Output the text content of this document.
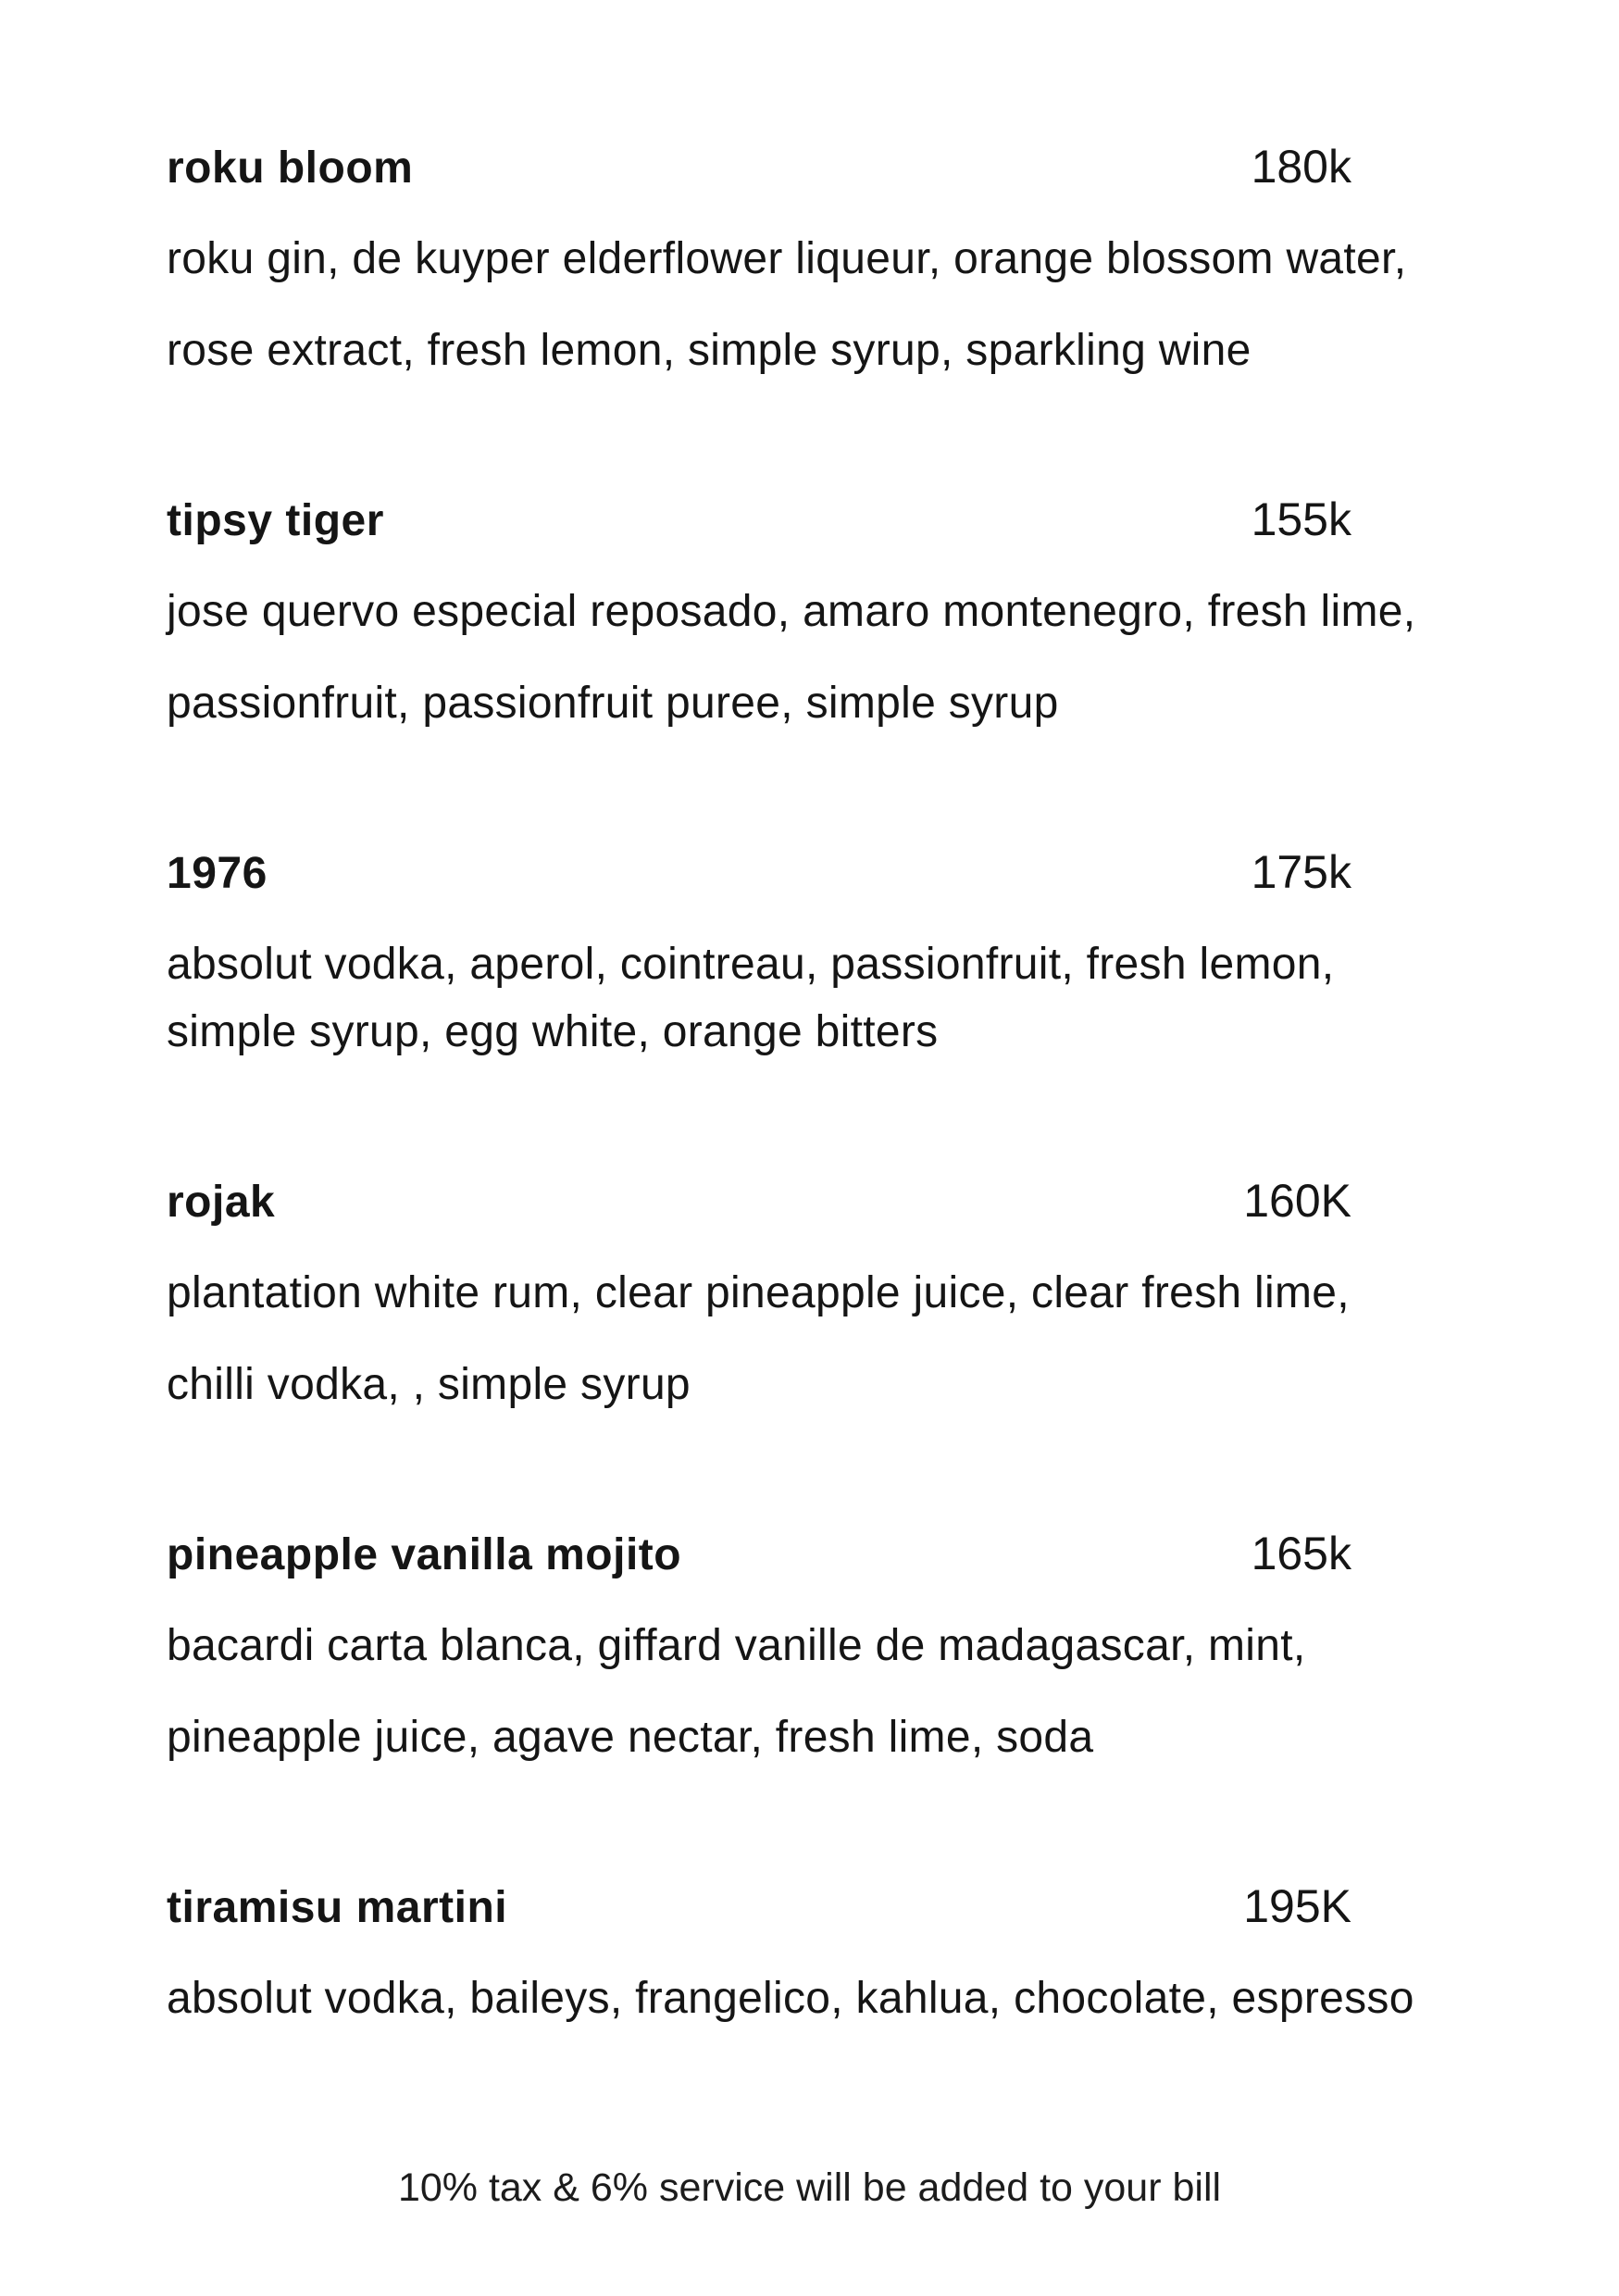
roku bloom	180k
roku gin, de kuyper elderflower liqueur, orange blossom water,
rose extract, fresh lemon, simple syrup, sparkling wine
tipsy tiger	155k
jose quervo especial reposado, amaro montenegro, fresh lime,
passionfruit, passionfruit puree, simple syrup
1976	175k
absolut vodka, aperol, cointreau, passionfruit, fresh lemon,
simple syrup, egg white, orange bitters
rojak	160K
plantation white rum, clear pineapple juice, clear fresh lime,
chilli vodka, , simple syrup
pineapple vanilla mojito	165k
bacardi carta blanca, giffard vanille de madagascar, mint,
pineapple juice, agave nectar, fresh lime, soda
tiramisu martini	195K
absolut vodka, baileys, frangelico, kahlua, chocolate, espresso
10% tax & 6% service will be added to your bill
